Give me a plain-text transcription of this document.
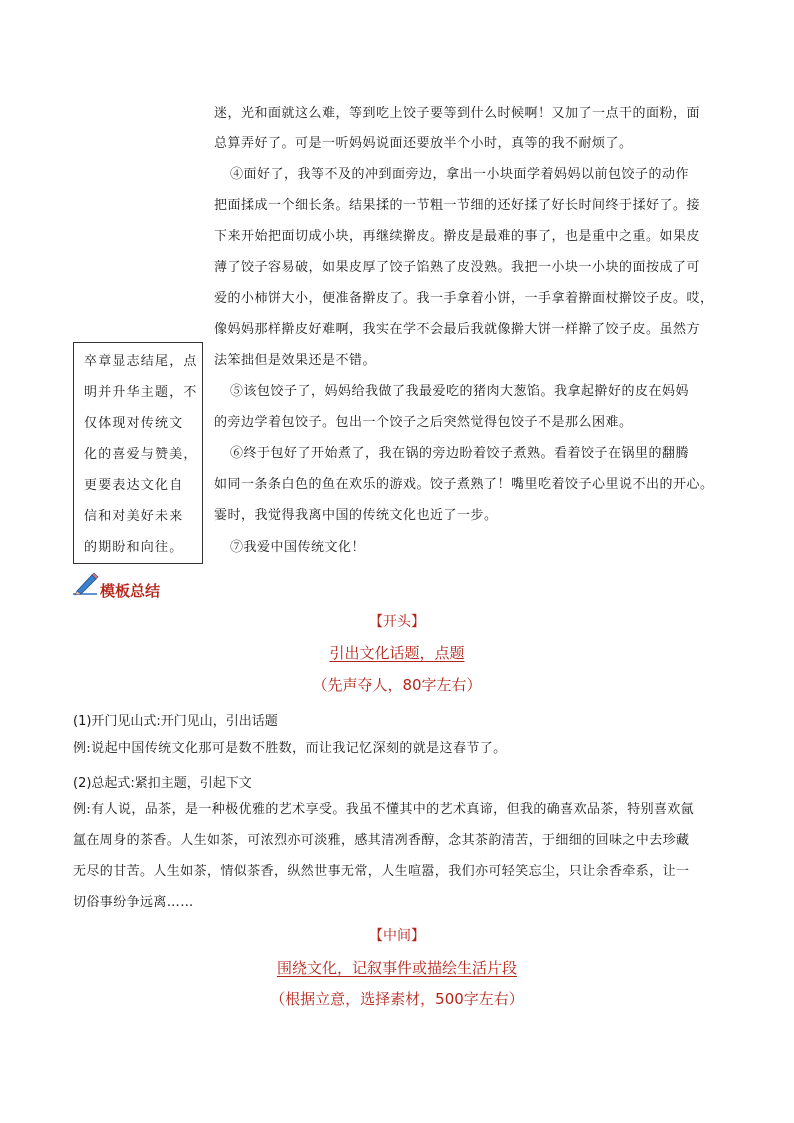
迷，光和面就这么难，等到吃上饺子要等到什么时候啊！又加了一点干的面粉，面
总算弄好了。可是一听妈妈说面还要放半个小时，真等的我不耐烦了。
④面好了，我等不及的冲到面旁边，拿出一小块面学着妈妈以前包饺子的动作
把面揉成一个细长条。结果揉的一节粗一节细的还好揉了好长时间终于揉好了。接
下来开始把面切成小块，再继续擀皮。擀皮是最难的事了，也是重中之重。如果皮
薄了饺子容易破，如果皮厚了饺子馅熟了皮没熟。我把一小块一小块的面按成了可
爱的小柿饼大小，便准备擀皮了。我一手拿着小饼，一手拿着擀面杖擀饺子皮。哎，
像妈妈那样擀皮好难啊，我实在学不会最后我就像擀大饼一样擀了饺子皮。虽然方
法笨拙但是效果还是不错。
⑤该包饺子了，妈妈给我做了我最爱吃的猪肉大葱馅。我拿起擀好的皮在妈妈
的旁边学着包饺子。包出一个饺子之后突然觉得包饺子不是那么困难。
⑥终于包好了开始煮了，我在锅的旁边盼着饺子煮熟。看着饺子在锅里的翻腾
如同一条条白色的鱼在欢乐的游戏。饺子煮熟了！嘴里吃着饺子心里说不出的开心。
霎时，我觉得我离中国的传统文化也近了一步。
⑦我爱中国传统文化！
卒章显志结尾，点
明并升华主题，不
仅体现对传统文
化的喜爱与赞美，
更要表达文化自
信和对美好未来
的期盼和向往。
模板总结
【开头】
引出文化话题，点题
（先声夺人，80字左右）
(1)开门见山式:开门见山，引出话题
例:说起中国传统文化那可是数不胜数，而让我记忆深刻的就是这春节了。
(2)总起式:紧扣主题，引起下文
例:有人说，品茶，是一种极优雅的艺术享受。我虽不懂其中的艺术真谛，但我的确喜欢品茶，特别喜欢氤
氲在周身的茶香。人生如茶，可浓烈亦可淡雅，感其清冽香醇，念其茶韵清苦，于细细的回味之中去珍藏
无尽的甘苦。人生如茶，情似茶香，纵然世事无常，人生喧嚣，我们亦可轻笑忘尘，只让余香牵系，让一
切俗事纷争远离……
【中间】
围绕文化，记叙事件或描绘生活片段
（根据立意，选择素材，500字左右）
